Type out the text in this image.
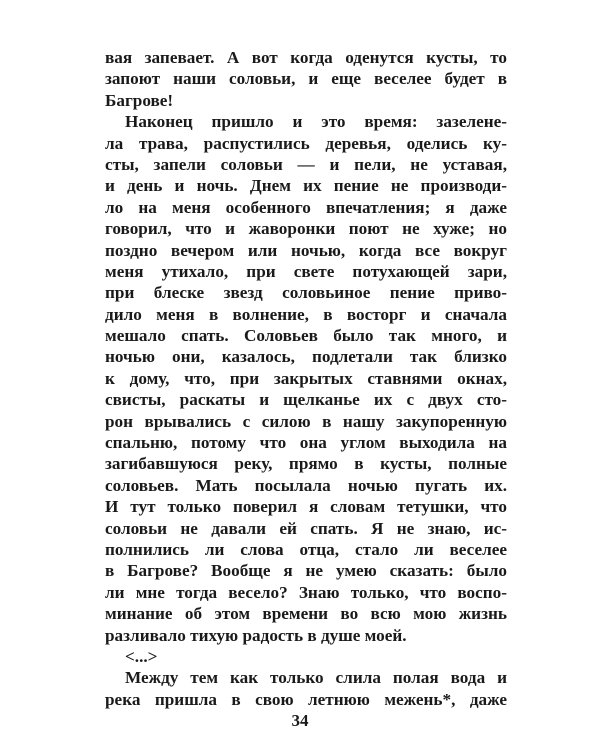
вая запевает. А вот когда оденутся кусты, то
запоют наши соловьи, и еще веселее будет в
Багрове!
Наконец пришло и это время: зазелене-
ла трава, распустились деревья, оделись ку-
сты, запели соловьи — и пели, не уставая,
и день и ночь. Днем их пение не производи-
ло на меня особенного впечатления; я даже
говорил, что и жаворонки поют не хуже; но
поздно вечером или ночью, когда все вокруг
меня утихало, при свете потухающей зари,
при блеске звезд соловьиное пение приво-
дило меня в волнение, в восторг и сначала
мешало спать. Соловьев было так много, и
ночью они, казалось, подлетали так близко
к дому, что, при закрытых ставнями окнах,
свисты, раскаты и щелканье их с двух сто-
рон врывались с силою в нашу закупоренную
спальню, потому что она углом выходила на
загибавшуюся реку, прямо в кусты, полные
соловьев. Мать посылала ночью пугать их.
И тут только поверил я словам тетушки, что
соловьи не давали ей спать. Я не знаю, ис-
полнились ли слова отца, стало ли веселее
в Багрове? Вообще я не умею сказать: было
ли мне тогда весело? Знаю только, что воспо-
минание об этом времени во всю мою жизнь
разливало тихую радость в душе моей.
<...>
Между тем как только слила полая вода и
река пришла в свою летнюю межень*, даже
34
